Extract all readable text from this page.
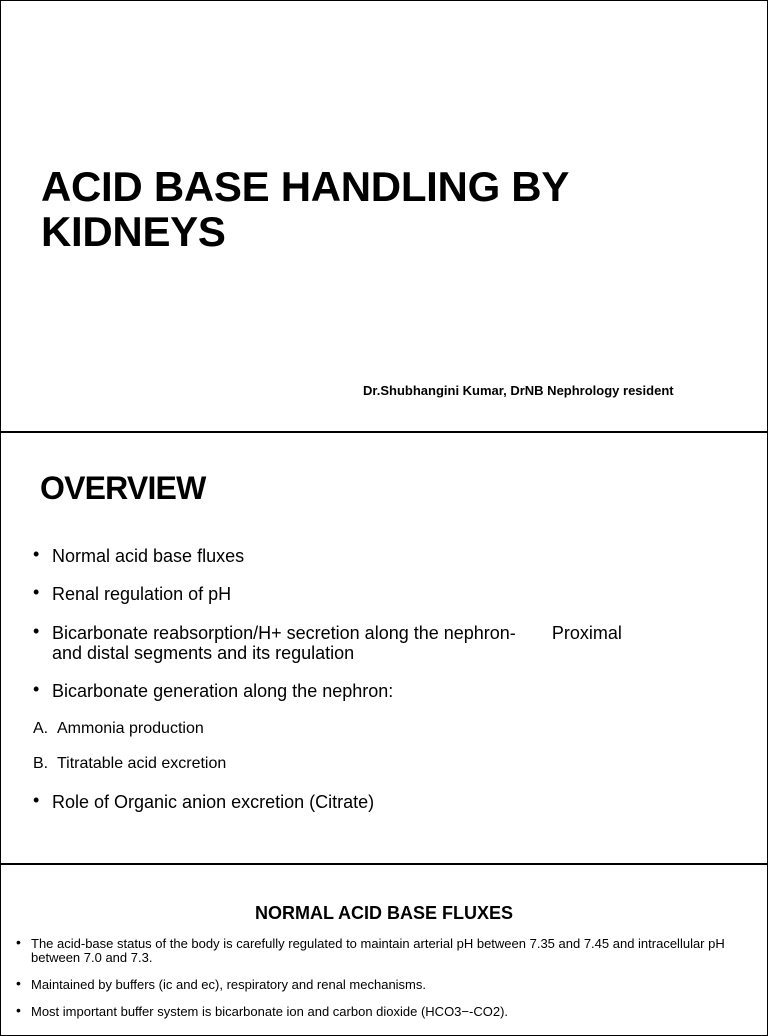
ACID BASE HANDLING BY KIDNEYS
Dr.Shubhangini Kumar, DrNB Nephrology resident
OVERVIEW
• Normal acid base fluxes
• Renal regulation of pH
• Bicarbonate reabsorption/H+ secretion along the nephron- Proximal
and distal segments and its regulation
• Bicarbonate generation along the nephron:
A. Ammonia production
B. Titratable acid excretion
• Role of Organic anion excretion (Citrate)
NORMAL ACID BASE FLUXES
• The acid-base status of the body is carefully regulated to maintain arterial pH between 7.35 and 7.45 and intracellular pH between 7.0 and 7.3.
• Maintained by buffers (ic and ec), respiratory and renal mechanisms.
• Most important buffer system is bicarbonate ion and carbon dioxide (HCO3−-CO2).
